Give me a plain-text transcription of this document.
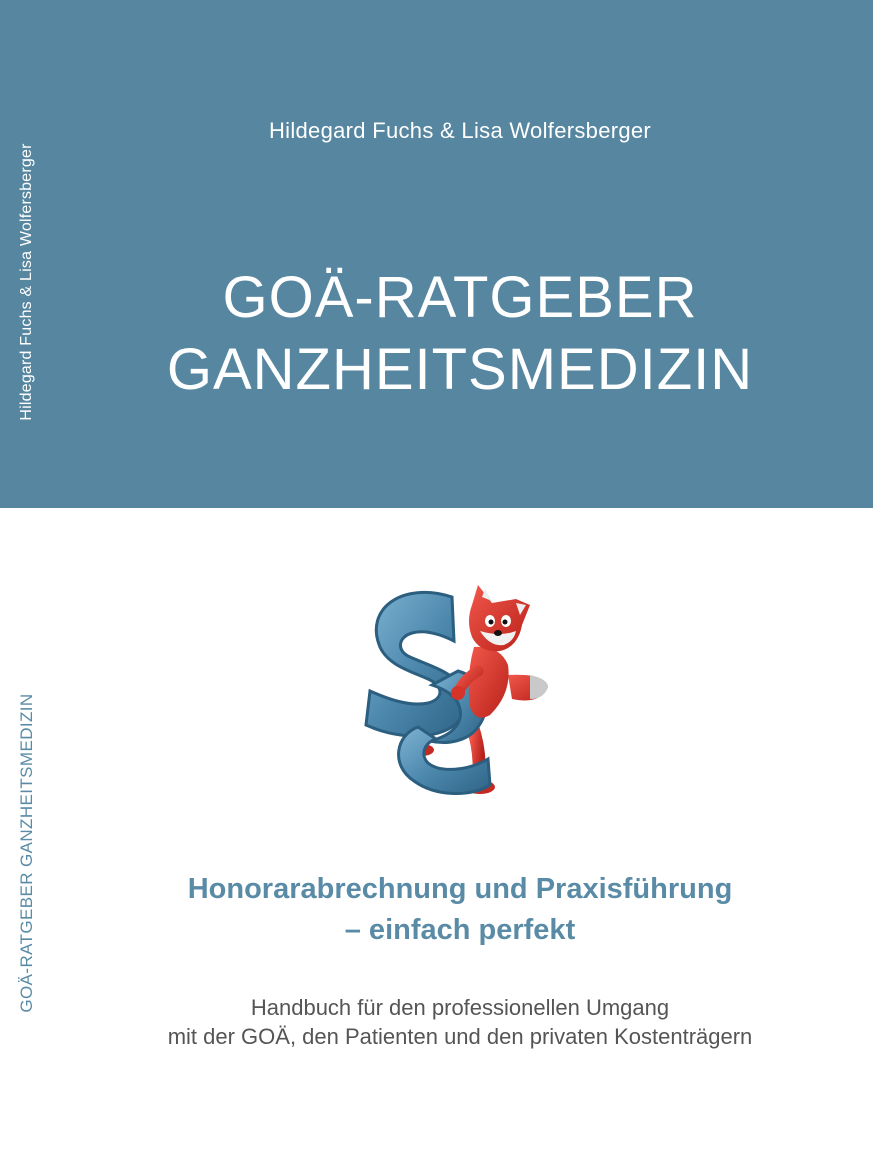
Hildegard Fuchs & Lisa Wolfersberger
GOÄ-RATGEBER GANZHEITSMEDIZIN
Hildegard Fuchs & Lisa Wolfersberger
GOÄ-RATGEBER
GANZHEITSMEDIZIN
Honorarabrechnung und Praxisführung
– einfach perfekt
Handbuch für den professionellen Umgang
mit der GOÄ, den Patienten und den privaten Kostenträgern
